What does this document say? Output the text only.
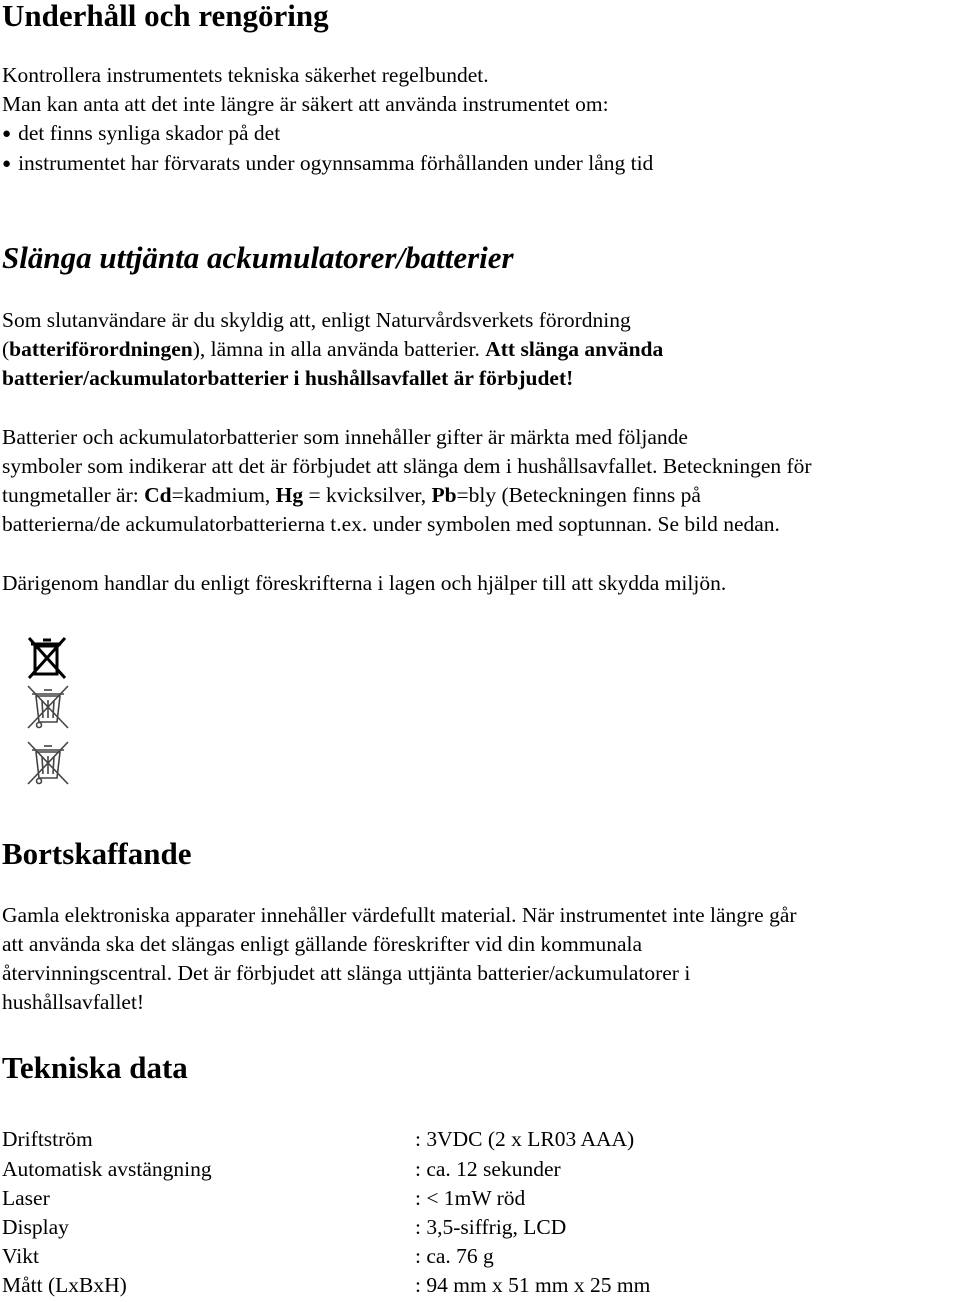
Underhåll och rengöring
Kontrollera instrumentets tekniska säkerhet regelbundet.
Man kan anta att det inte längre är säkert att använda instrumentet om:
● det finns synliga skador på det
● instrumentet har förvarats under ogynnsamma förhållanden under lång tid
Slänga uttjänta ackumulatorer/batterier
Som slutanvändare är du skyldig att, enligt Naturvårdsverkets förordning
(batteriförordningen), lämna in alla använda batterier. Att slänga använda
batterier/ackumulatorbatterier i hushållsavfallet är förbjudet!
Batterier och ackumulatorbatterier som innehåller gifter är märkta med följande
symboler som indikerar att det är förbjudet att slänga dem i hushållsavfallet. Beteckningen för
tungmetaller är: Cd=kadmium, Hg = kvicksilver, Pb=bly (Beteckningen finns på
batterierna/de ackumulatorbatterierna t.ex. under symbolen med soptunnan. Se bild nedan.
Därigenom handlar du enligt föreskrifterna i lagen och hjälper till att skydda miljön.
Bortskaffande
Gamla elektroniska apparater innehåller värdefullt material. När instrumentet inte längre går
att använda ska det slängas enligt gällande föreskrifter vid din kommunala
återvinningscentral. Det är förbjudet att slänga uttjänta batterier/ackumulatorer i
hushållsavfallet!
Tekniska data
Driftström	: 3VDC (2 x LR03 AAA)
Automatisk avstängning	: ca. 12 sekunder
Laser	: < 1mW röd
Display	: 3,5-siffrig, LCD
Vikt	: ca. 76 g
Mått (LxBxH)	: 94 mm x 51 mm x 25 mm
